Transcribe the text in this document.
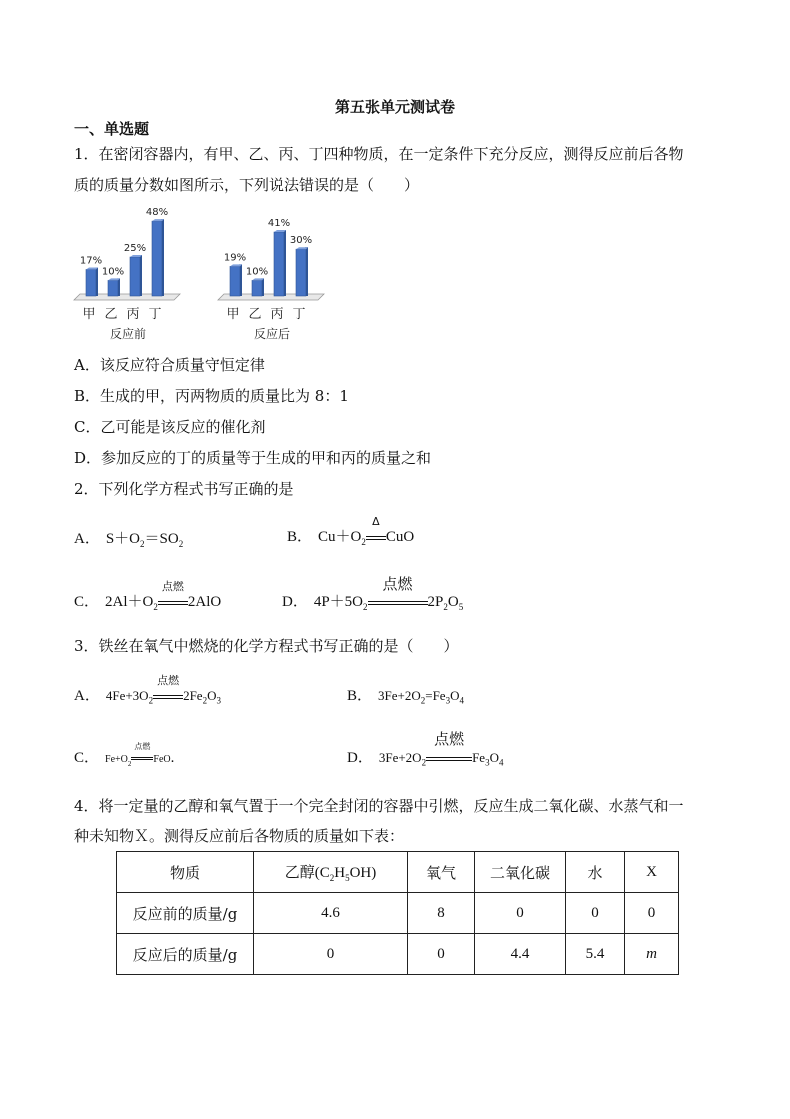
第五张单元测试卷
一、单选题
1．在密闭容器内，有甲、乙、丙、丁四种物质，在一定条件下充分反应，测得反应前后各物
质的质量分数如图所示，下列说法错误的是（　　）
17%
甲
10%
乙
25%
丙
48%
丁
反应前
19%
甲
10%
乙
41%
丙
30%
丁
反应后
A．该反应符合质量守恒定律
B．生成的甲，丙两物质的质量比为 8：1
C．乙可能是该反应的催化剂
D．参加反应的丁的质量等于生成的甲和丙的质量之和
2．下列化学方程式书写正确的是
A． $S+O_2=SO_2$	B． $Cu+O_2$
Δ
CuO
C． $2Al+O_2$
点燃
2AlO	D． $4P+5O_2$
点燃
$2P_2O_5$
3．铁丝在氧气中燃烧的化学方程式书写正确的是（　　）
A． $4Fe+3O_2$
点燃
$2Fe_2O_3$	B． $3Fe+2O_2=Fe_3O_4$
C． $Fe+O_2$
点燃
FeO.	D． $3Fe+2O_2$
点燃
$Fe_3O_4$
4．将一定量的乙醇和氧气置于一个完全封闭的容器中引燃，反应生成二氧化碳、水蒸气和一
种未知物Ｘ。测得反应前后各物质的质量如下表：
物质	乙醇$(C_2H_5OH)$	氧气	二氧化碳	水	X
反应前的质量/g	4.6	8	0	0	0
反应后的质量/g	0	0	4.4	5.4	m
